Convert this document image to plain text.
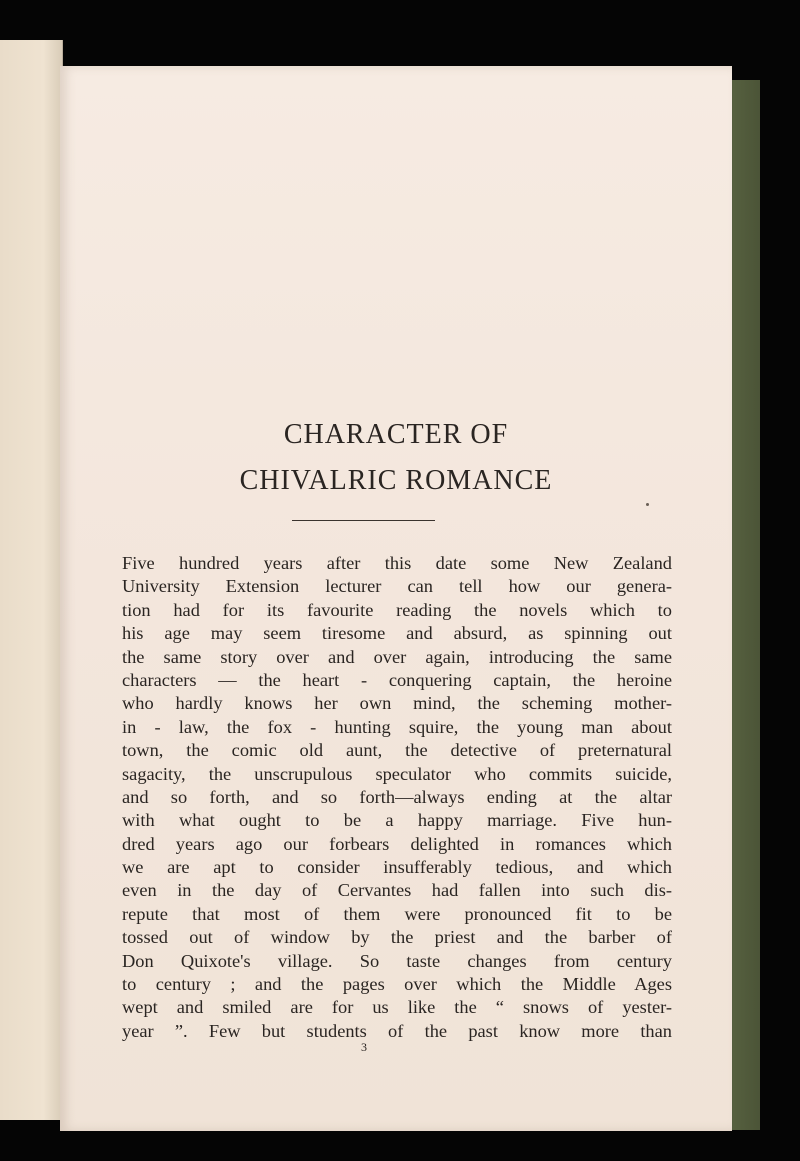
CHARACTER OF
CHIVALRIC ROMANCE
Five hundred years after this date some New Zealand
University Extension lecturer can tell how our genera-
tion had for its favourite reading the novels which to
his age may seem tiresome and absurd, as spinning out
the same story over and over again, introducing the same
characters — the heart - conquering captain, the heroine
who hardly knows her own mind, the scheming mother-
in - law, the fox - hunting squire, the young man about
town, the comic old aunt, the detective of preternatural
sagacity, the unscrupulous speculator who commits suicide,
and so forth, and so forth—always ending at the altar
with what ought to be a happy marriage. Five hun-
dred years ago our forbears delighted in romances which
we are apt to consider insufferably tedious, and which
even in the day of Cervantes had fallen into such dis-
repute that most of them were pronounced fit to be
tossed out of window by the priest and the barber of
Don Quixote's village. So taste changes from century
to century ; and the pages over which the Middle Ages
wept and smiled are for us like the “ snows of yester-
year ”. Few but students of the past know more than
3
